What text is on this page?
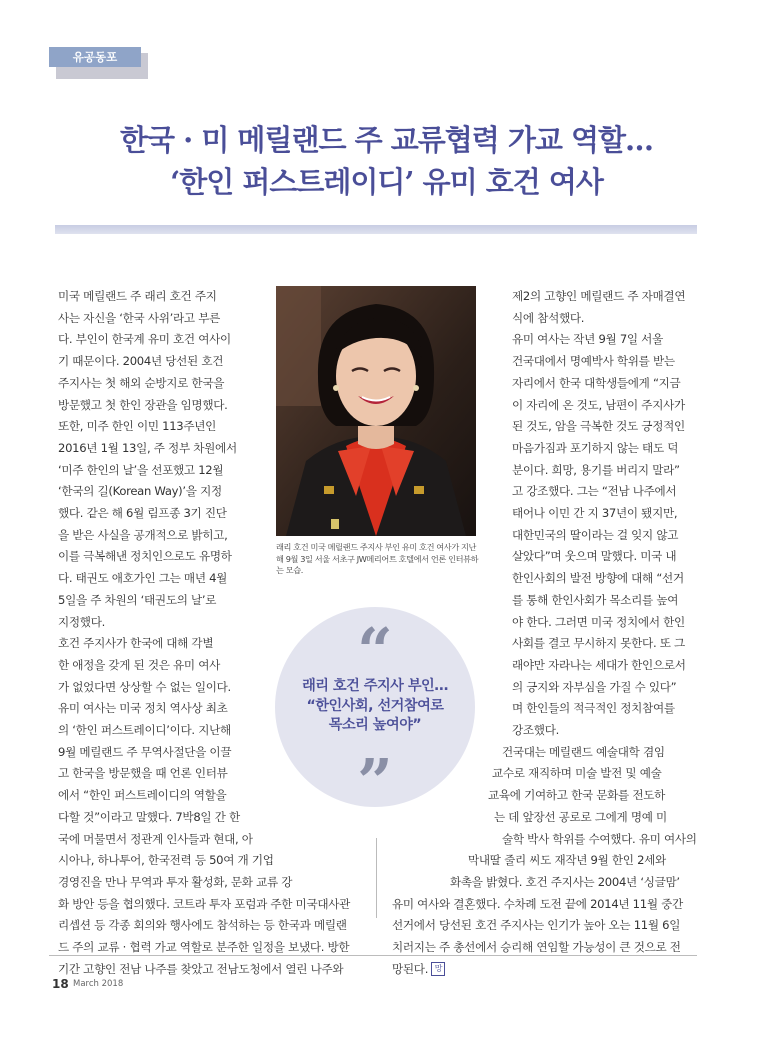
유공동포
한국 · 미 메릴랜드 주 교류협력 가교 역할…
‘한인 퍼스트레이디’ 유미 호건 여사
미국 메릴랜드 주 래리 호건 주지
사는 자신을 ‘한국 사위’라고 부른
다. 부인이 한국계 유미 호건 여사이
기 때문이다. 2004년 당선된 호건
주지사는 첫 해외 순방지로 한국을
방문했고 첫 한인 장관을 임명했다.
또한, 미주 한인 이민 113주년인
2016년 1월 13일, 주 정부 차원에서
‘미주 한인의 날’을 선포했고 12월
‘한국의 길(Korean Way)’을 지정
했다. 같은 해 6월 림프종 3기 진단
을 받은 사실을 공개적으로 밝히고,
이를 극복해낸 정치인으로도 유명하
다. 태권도 애호가인 그는 매년 4월
5일을 주 차원의 ‘태권도의 날’로
지정했다.
호건 주지사가 한국에 대해 각별
한 애정을 갖게 된 것은 유미 여사
가 없었다면 상상할 수 없는 일이다.
유미 여사는 미국 정치 역사상 최초
의 ‘한인 퍼스트레이디’이다. 지난해
9월 메릴랜드 주 무역사절단을 이끌
고 한국을 방문했을 때 언론 인터뷰
에서 “한인 퍼스트레이디의 역할을
다할 것”이라고 말했다. 7박8일 간 한
국에 머물면서 정관계 인사들과 현대, 아
시아나, 하나투어, 한국전력 등 50여 개 기업
경영진을 만나 무역과 투자 활성화, 문화 교류 강
화 방안 등을 협의했다. 코트라 투자 포럼과 주한 미국대사관
리셉션 등 각종 회의와 행사에도 참석하는 등 한국과 메릴랜
드 주의 교류 · 협력 가교 역할로 분주한 일정을 보냈다. 방한
기간 고향인 전남 나주를 찾았고 전남도청에서 열린 나주와
래리 호건 미국 메릴랜드 주지사 부인 유미 호건 여사가 지난해 9월 3일 서울 서초구 JW메리어트 호텔에서 언론 인터뷰하는 모습.
“
”
래리 호건 주지사 부인…
“한인사회, 선거참여로
목소리 높여야”
제2의 고향인 메릴랜드 주 자매결연
식에 참석했다.
유미 여사는 작년 9월 7일 서울
건국대에서 명예박사 학위를 받는
자리에서 한국 대학생들에게 “지금
이 자리에 온 것도, 남편이 주지사가
된 것도, 암을 극복한 것도 긍정적인
마음가짐과 포기하지 않는 태도 덕
분이다. 희망, 용기를 버리지 말라”
고 강조했다. 그는 “전남 나주에서
태어나 이민 간 지 37년이 됐지만,
대한민국의 딸이라는 걸 잊지 않고
살았다”며 웃으며 말했다. 미국 내
한인사회의 발전 방향에 대해 “선거
를 통해 한인사회가 목소리를 높여
야 한다. 그러면 미국 정치에서 한인
사회를 결코 무시하지 못한다. 또 그
래야만 자라나는 세대가 한인으로서
의 긍지와 자부심을 가질 수 있다”
며 한인들의 적극적인 정치참여를
강조했다.
건국대는 메릴랜드 예술대학 겸임
교수로 재직하며 미술 발전 및 예술
교육에 기여하고 한국 문화를 전도하
는 데 앞장선 공로로 그에게 명예 미
술학 박사 학위를 수여했다. 유미 여사의
막내딸 줄리 씨도 재작년 9월 한인 2세와
화촉을 밝혔다. 호건 주지사는 2004년 ‘싱글맘’
유미 여사와 결혼했다. 수차례 도전 끝에 2014년 11월 중간
선거에서 당선된 호건 주지사는 인기가 높아 오는 11월 6일
치러지는 주 총선에서 승리해 연임할 가능성이 큰 것으로 전
망된다. 망
18 March 2018
